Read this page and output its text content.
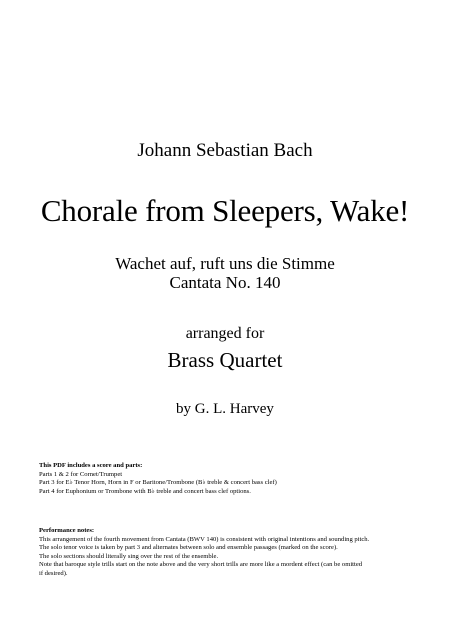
Johann Sebastian Bach
Chorale from Sleepers, Wake!
Wachet auf, ruft uns die Stimme
Cantata No. 140
arranged for
Brass Quartet
by G. L. Harvey
This PDF includes a score and parts:
Parts 1 & 2 for Cornet/Trumpet
Part 3 for E♭ Tenor Horn, Horn in F or Baritone/Trombone (B♭ treble & concert bass clef)
Part 4 for Euphonium or Trombone with B♭ treble and concert bass clef options.
Performance notes:
This arrangement of the fourth movement from Cantata (BWV 140) is consistent with original intentions and sounding pitch.
The solo tenor voice is taken by part 3 and alternates between solo and ensemble passages (marked on the score).
The solo sections should literally sing over the rest of the ensemble.
Note that baroque style trills start on the note above and the very short trills are more like a mordent effect (can be omitted
if desired).
